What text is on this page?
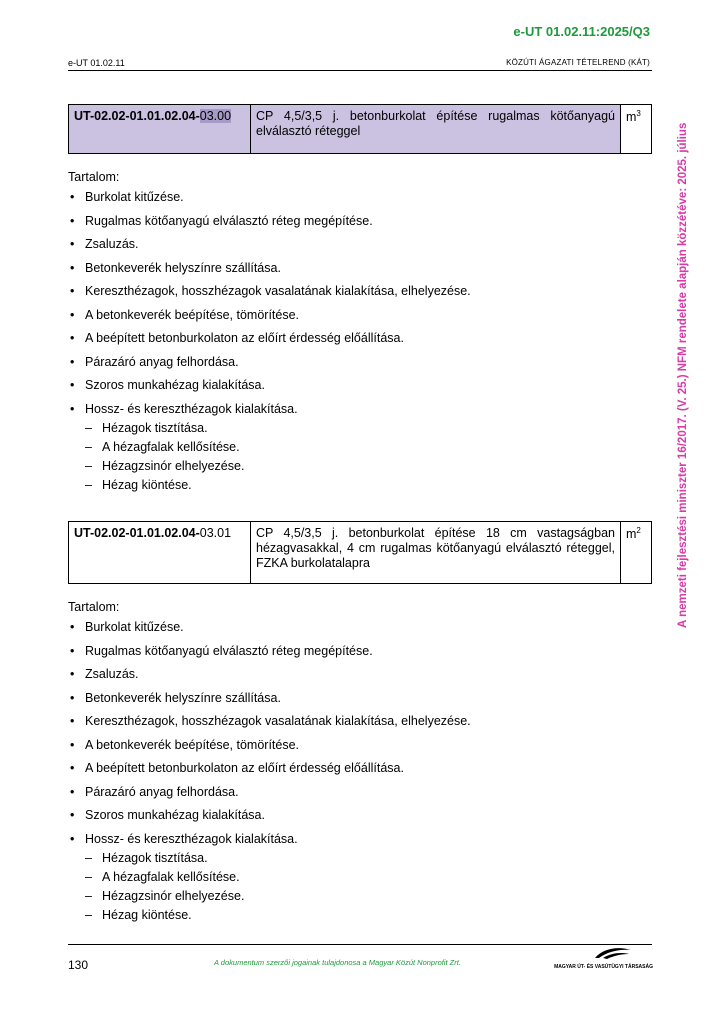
e-UT 01.02.11:2025/Q3
e-UT 01.02.11	KÖZÚTI ÁGAZATI TÉTELREND (KÁT)
A nemzeti fejlesztési miniszter 16/2017. (V. 25.) NFM rendelete alapján közzétéve: 2025. július
UT-02.02-01.01.02.04-03.00	CP 4,5/3,5 j. betonburkolat építése rugalmas kötőanyagú elválasztó réteggel	$m^3$
Tartalom:
• Burkolat kitűzése.
• Rugalmas kötőanyagú elválasztó réteg megépítése.
• Zsaluzás.
• Betonkeverék helyszínre szállítása.
• Kereszthézagok, hosszhézagok vasalatának kialakítása, elhelyezése.
• A betonkeverék beépítése, tömörítése.
• A beépített betonburkolaton az előírt érdesség előállítása.
• Párazáró anyag felhordása.
• Szoros munkahézag kialakítása.
• Hossz- és kereszthézagok kialakítása.
– Hézagok tisztítása.
– A hézagfalak kellősítése.
– Hézagzsinór elhelyezése.
– Hézag kiöntése.
UT-02.02-01.01.02.04-03.01	CP 4,5/3,5 j. betonburkolat építése 18 cm vastagságban hézagvasakkal, 4 cm rugalmas kötőanyagú elválasztó réteggel, FZKA burkolatalapra	$m^2$
Tartalom:
• Burkolat kitűzése.
• Rugalmas kötőanyagú elválasztó réteg megépítése.
• Zsaluzás.
• Betonkeverék helyszínre szállítása.
• Kereszthézagok, hosszhézagok vasalatának kialakítása, elhelyezése.
• A betonkeverék beépítése, tömörítése.
• A beépített betonburkolaton az előírt érdesség előállítása.
• Párazáró anyag felhordása.
• Szoros munkahézag kialakítása.
• Hossz- és kereszthézagok kialakítása.
– Hézagok tisztítása.
– A hézagfalak kellősítése.
– Hézagzsinór elhelyezése.
– Hézag kiöntése.
130	A dokumentum szerzői jogainak tulajdonosa a Magyar Közút Nonprofit Zrt.	MAGYAR ÚT- ÉS VASÚTÜGYI TÁRSASÁG
